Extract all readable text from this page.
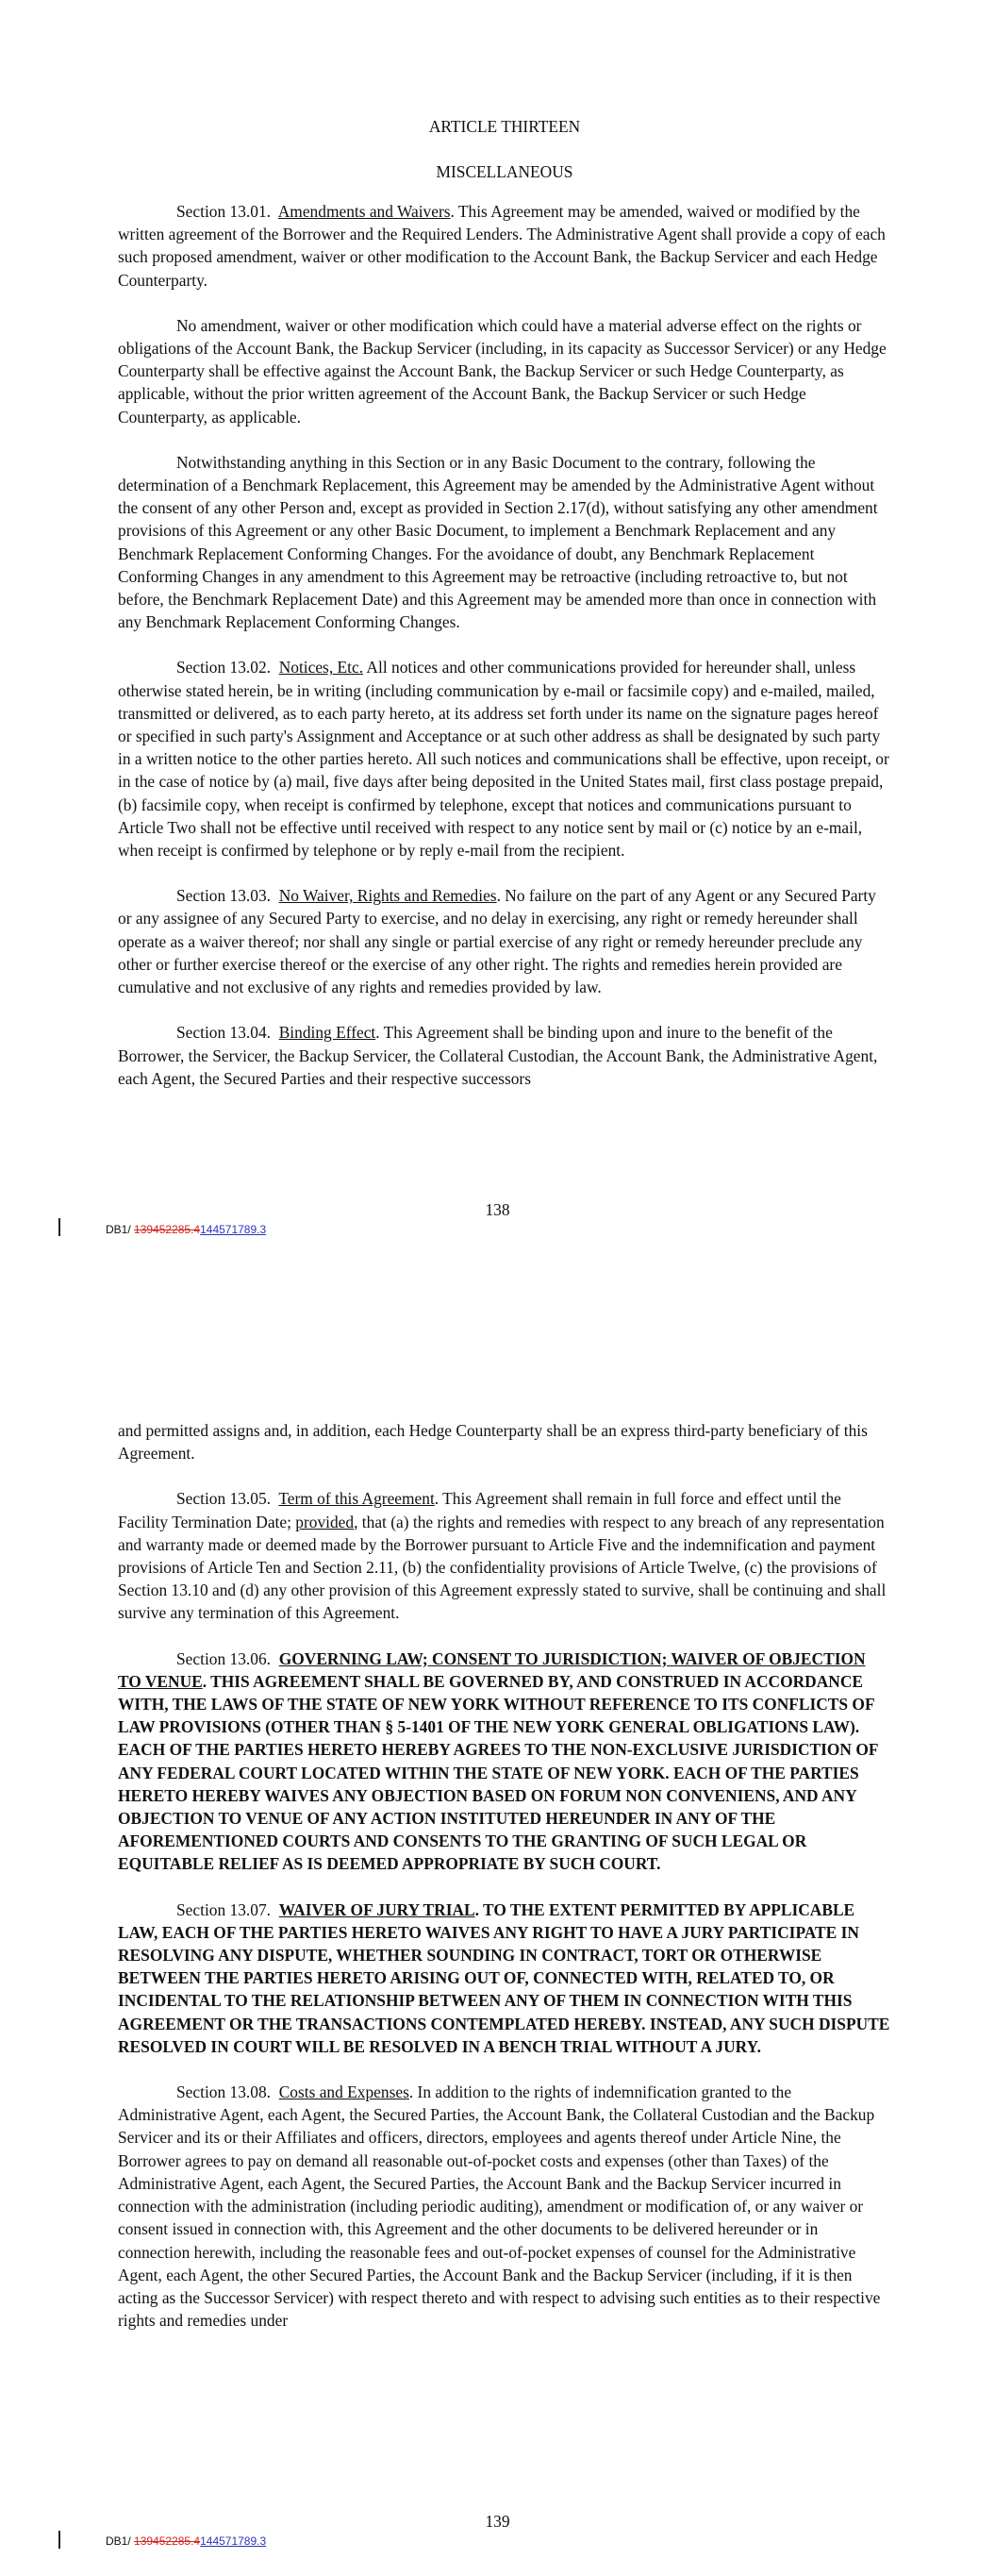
ARTICLE THIRTEEN
MISCELLANEOUS

Section 13.01. Amendments and Waivers. This Agreement may be amended, waived or modified by the written agreement of the Borrower and the Required Lenders. The Administrative Agent shall provide a copy of each such proposed amendment, waiver or other modification to the Account Bank, the Backup Servicer and each Hedge Counterparty.

No amendment, waiver or other modification which could have a material adverse effect on the rights or obligations of the Account Bank, the Backup Servicer (including, in its capacity as Successor Servicer) or any Hedge Counterparty shall be effective against the Account Bank, the Backup Servicer or such Hedge Counterparty, as applicable, without the prior written agreement of the Account Bank, the Backup Servicer or such Hedge Counterparty, as applicable.

Notwithstanding anything in this Section or in any Basic Document to the contrary, following the determination of a Benchmark Replacement, this Agreement may be amended by the Administrative Agent without the consent of any other Person and, except as provided in Section 2.17(d), without satisfying any other amendment provisions of this Agreement or any other Basic Document, to implement a Benchmark Replacement and any Benchmark Replacement Conforming Changes. For the avoidance of doubt, any Benchmark Replacement Conforming Changes in any amendment to this Agreement may be retroactive (including retroactive to, but not before, the Benchmark Replacement Date) and this Agreement may be amended more than once in connection with any Benchmark Replacement Conforming Changes.

Section 13.02. Notices, Etc. All notices and other communications provided for hereunder shall, unless otherwise stated herein, be in writing (including communication by e-mail or facsimile copy) and e-mailed, mailed, transmitted or delivered, as to each party hereto, at its address set forth under its name on the signature pages hereof or specified in such party's Assignment and Acceptance or at such other address as shall be designated by such party in a written notice to the other parties hereto. All such notices and communications shall be effective, upon receipt, or in the case of notice by (a) mail, five days after being deposited in the United States mail, first class postage prepaid, (b) facsimile copy, when receipt is confirmed by telephone, except that notices and communications pursuant to Article Two shall not be effective until received with respect to any notice sent by mail or (c) notice by an e-mail, when receipt is confirmed by telephone or by reply e-mail from the recipient.

Section 13.03. No Waiver, Rights and Remedies. No failure on the part of any Agent or any Secured Party or any assignee of any Secured Party to exercise, and no delay in exercising, any right or remedy hereunder shall operate as a waiver thereof; nor shall any single or partial exercise of any right or remedy hereunder preclude any other or further exercise thereof or the exercise of any other right. The rights and remedies herein provided are cumulative and not exclusive of any rights and remedies provided by law.

Section 13.04. Binding Effect. This Agreement shall be binding upon and inure to the benefit of the Borrower, the Servicer, the Backup Servicer, the Collateral Custodian, the Account Bank, the Administrative Agent, each Agent, the Secured Parties and their respective successors

138
DB1/ 139452285.4144571789.3

and permitted assigns and, in addition, each Hedge Counterparty shall be an express third-party beneficiary of this Agreement.

Section 13.05. Term of this Agreement. This Agreement shall remain in full force and effect until the Facility Termination Date; provided, that (a) the rights and remedies with respect to any breach of any representation and warranty made or deemed made by the Borrower pursuant to Article Five and the indemnification and payment provisions of Article Ten and Section 2.11, (b) the confidentiality provisions of Article Twelve, (c) the provisions of Section 13.10 and (d) any other provision of this Agreement expressly stated to survive, shall be continuing and shall survive any termination of this Agreement.

Section 13.06. GOVERNING LAW; CONSENT TO JURISDICTION; WAIVER OF OBJECTION TO VENUE. THIS AGREEMENT SHALL BE GOVERNED BY, AND CONSTRUED IN ACCORDANCE WITH, THE LAWS OF THE STATE OF NEW YORK WITHOUT REFERENCE TO ITS CONFLICTS OF LAW PROVISIONS (OTHER THAN § 5-1401 OF THE NEW YORK GENERAL OBLIGATIONS LAW). EACH OF THE PARTIES HERETO HEREBY AGREES TO THE NON-EXCLUSIVE JURISDICTION OF ANY FEDERAL COURT LOCATED WITHIN THE STATE OF NEW YORK. EACH OF THE PARTIES HERETO HEREBY WAIVES ANY OBJECTION BASED ON FORUM NON CONVENIENS, AND ANY OBJECTION TO VENUE OF ANY ACTION INSTITUTED HEREUNDER IN ANY OF THE AFOREMENTIONED COURTS AND CONSENTS TO THE GRANTING OF SUCH LEGAL OR EQUITABLE RELIEF AS IS DEEMED APPROPRIATE BY SUCH COURT.

Section 13.07. WAIVER OF JURY TRIAL. TO THE EXTENT PERMITTED BY APPLICABLE LAW, EACH OF THE PARTIES HERETO WAIVES ANY RIGHT TO HAVE A JURY PARTICIPATE IN RESOLVING ANY DISPUTE, WHETHER SOUNDING IN CONTRACT, TORT OR OTHERWISE BETWEEN THE PARTIES HERETO ARISING OUT OF, CONNECTED WITH, RELATED TO, OR INCIDENTAL TO THE RELATIONSHIP BETWEEN ANY OF THEM IN CONNECTION WITH THIS AGREEMENT OR THE TRANSACTIONS CONTEMPLATED HEREBY. INSTEAD, ANY SUCH DISPUTE RESOLVED IN COURT WILL BE RESOLVED IN A BENCH TRIAL WITHOUT A JURY.

Section 13.08. Costs and Expenses. In addition to the rights of indemnification granted to the Administrative Agent, each Agent, the Secured Parties, the Account Bank, the Collateral Custodian and the Backup Servicer and its or their Affiliates and officers, directors, employees and agents thereof under Article Nine, the Borrower agrees to pay on demand all reasonable out-of-pocket costs and expenses (other than Taxes) of the Administrative Agent, each Agent, the Secured Parties, the Account Bank and the Backup Servicer incurred in connection with the administration (including periodic auditing), amendment or modification of, or any waiver or consent issued in connection with, this Agreement and the other documents to be delivered hereunder or in connection herewith, including the reasonable fees and out-of-pocket expenses of counsel for the Administrative Agent, each Agent, the other Secured Parties, the Account Bank and the Backup Servicer (including, if it is then acting as the Successor Servicer) with respect thereto and with respect to advising such entities as to their respective rights and remedies under

139
DB1/ 139452285.4144571789.3
